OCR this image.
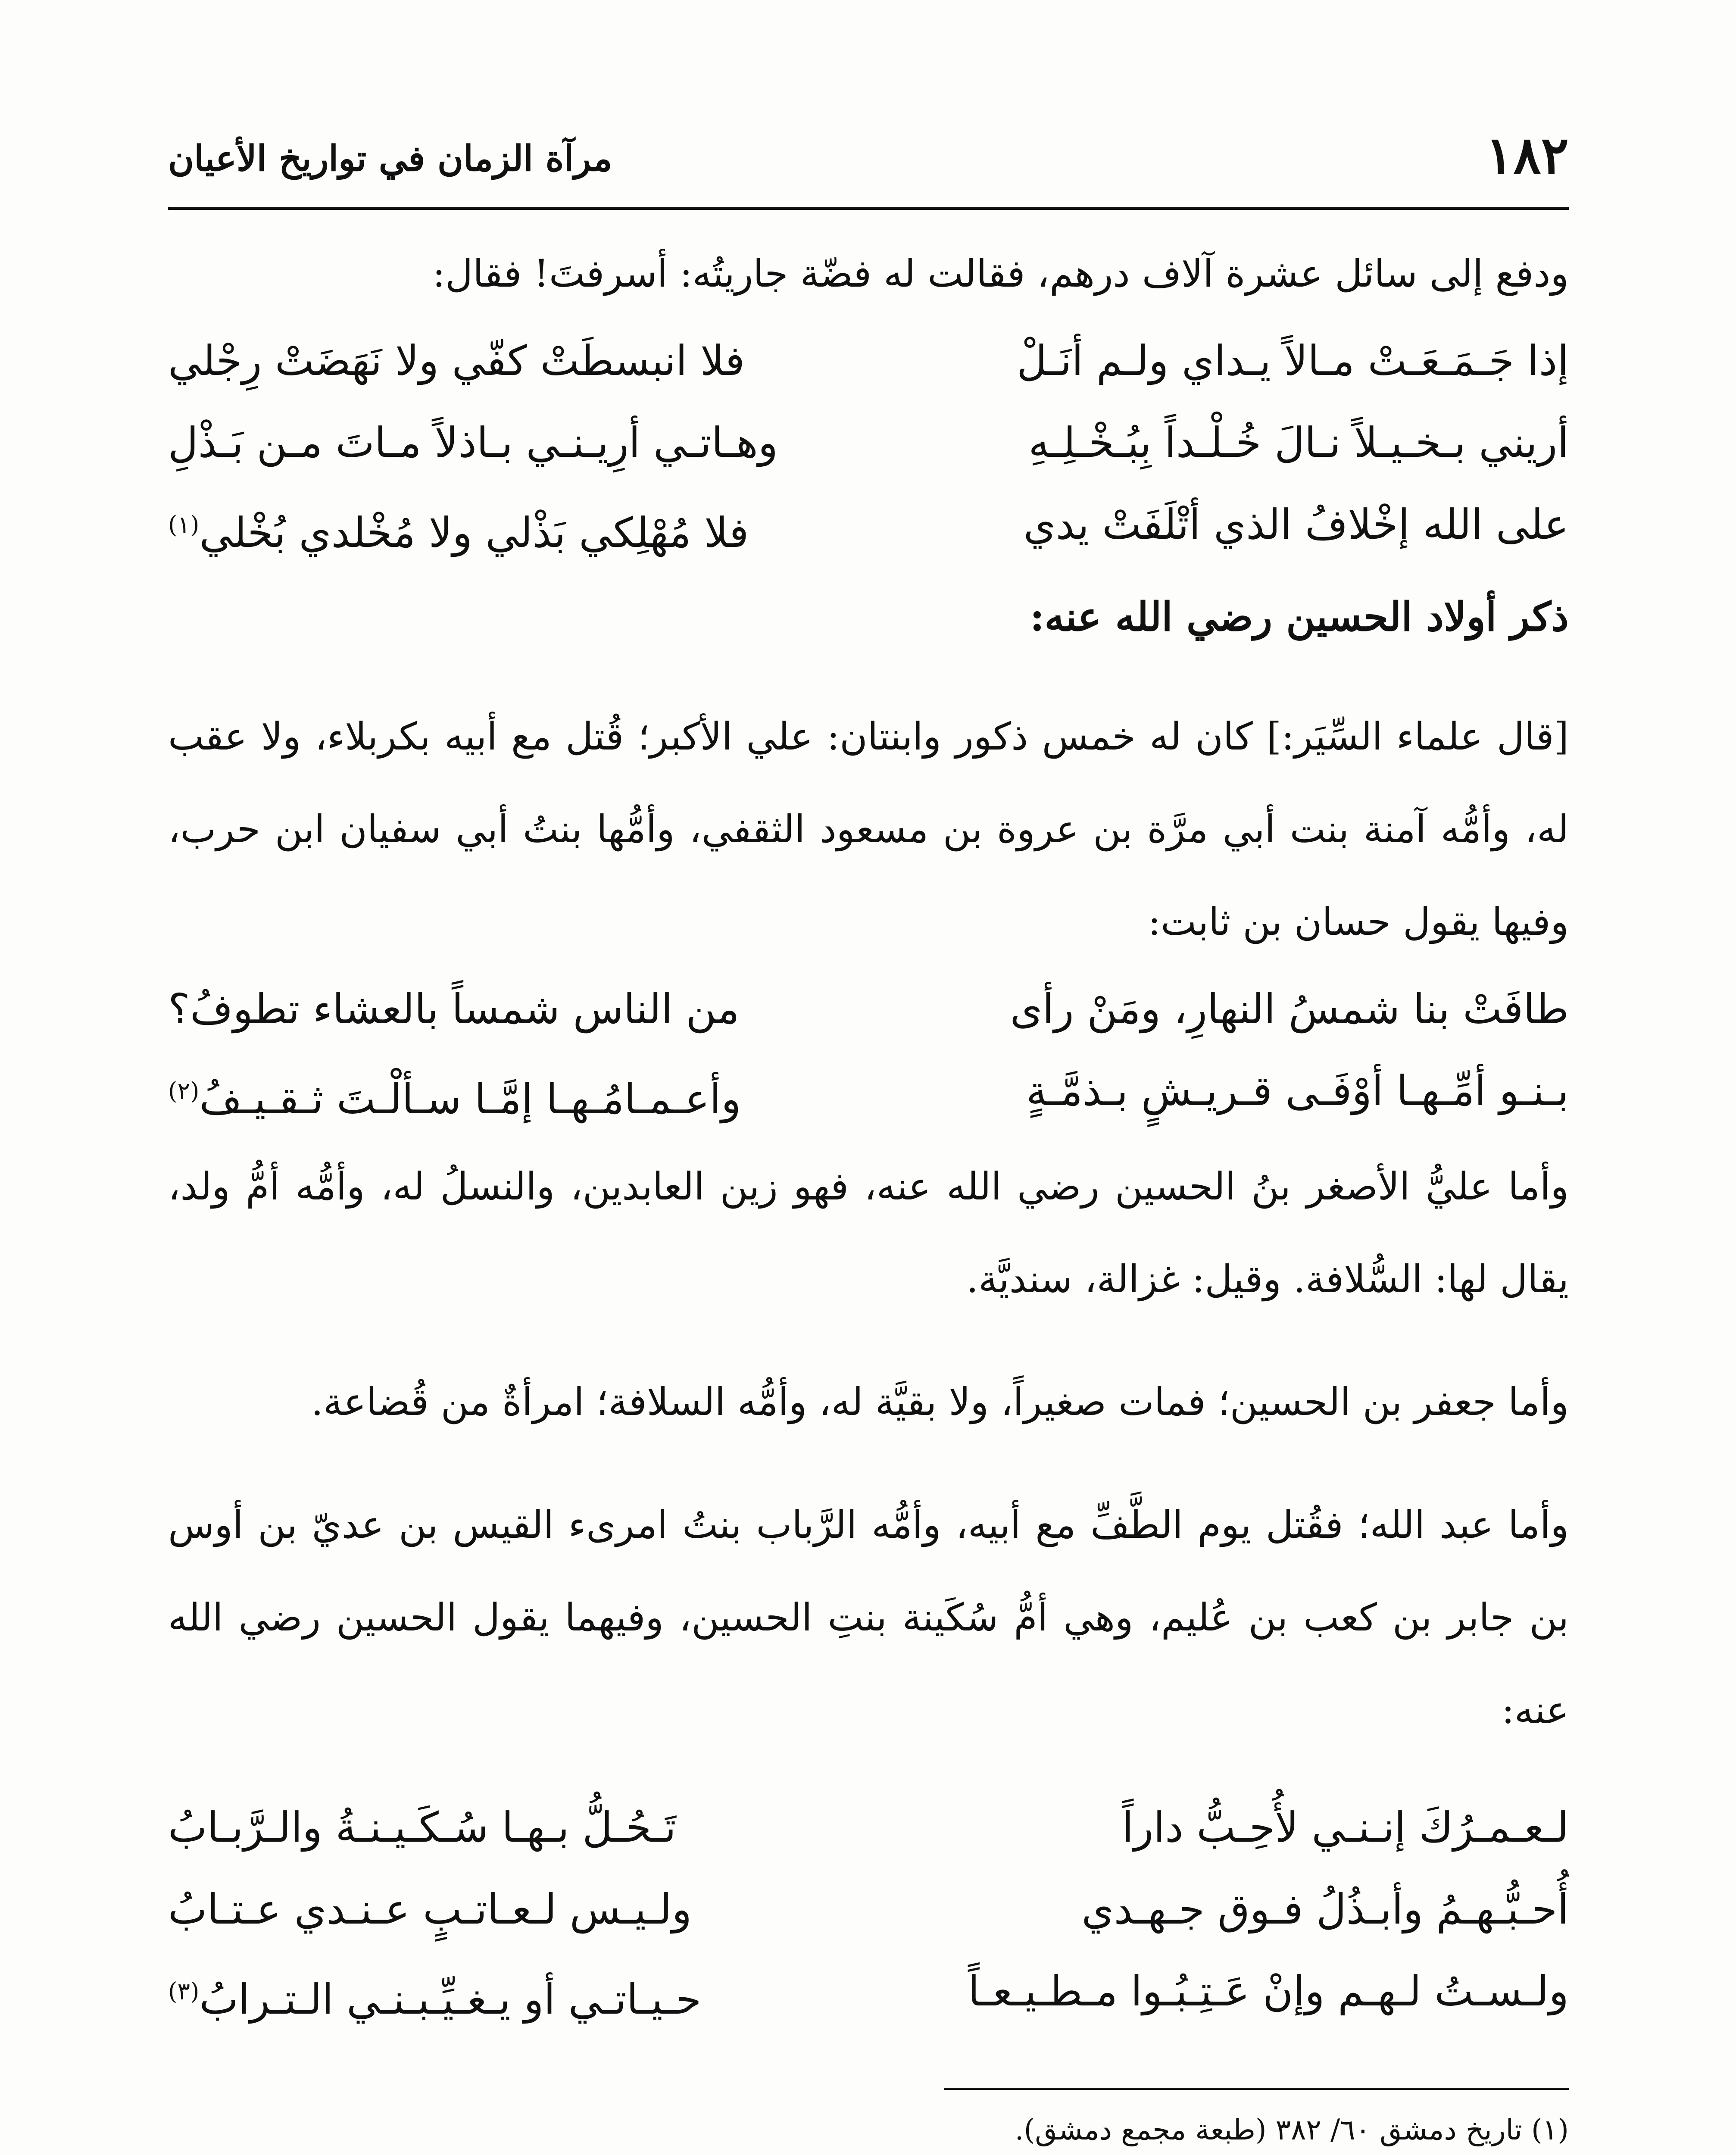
١٨٢
مرآة الزمان في تواريخ الأعيان

ودفع إلى سائل عشرة آلاف درهم، فقالت له فضّة جاريتُه: أسرفتَ! فقال:

إذا جَـمَـعَـتْ مـالاً يـداي ولـم أنَـلْ
فلا انبسطَتْ كفّي ولا نَهَضَتْ رِجْلي
أريني بـخـيـلاً نـالَ خُـلْـداً بِبُـخْـلِـهِ
وهـاتـي أرِيـنـي بـاذلاً مـاتَ مـن بَـذْلِ
على الله إخْلافُ الذي أتْلَفَتْ يدي
فلا مُهْلِكي بَذْلي ولا مُخْلدي بُخْلي$^{(١)}$
ذكر أولاد الحسين رضي الله عنه:

[قال علماء السِّيَر:] كان له خمس ذكور وابنتان: علي الأكبر؛ قُتل مع أبيه بكربلاء، ولا عقب له، وأمُّه آمنة بنت أبي مرَّة بن عروة بن مسعود الثقفي، وأمُّها بنتُ أبي سفيان ابن حرب، وفيها يقول حسان بن ثابت:

طافَتْ بنا شمسُ النهارِ، ومَنْ رأى
من الناس شمساً بالعشاء تطوفُ؟
بـنـو أمِّـهـا أوْفَـى قـريـشٍ بـذمَّـةٍ
وأعـمـامُـهـا إمَّـا سـألْـتَ ثـقـيـفُ$^{(٢)}$

وأما عليُّ الأصغر بنُ الحسين رضي الله عنه، فهو زين العابدين، والنسلُ له، وأمُّه أمُّ ولد، يقال لها: السُّلافة. وقيل: غزالة، سنديَّة.

وأما جعفر بن الحسين؛ فمات صغيراً، ولا بقيَّة له، وأمُّه السلافة؛ امرأةٌ من قُضاعة.

وأما عبد الله؛ فقُتل يوم الطَّفِّ مع أبيه، وأمُّه الرَّباب بنتُ امرىء القيس بن عديّ بن أوس بن جابر بن كعب بن عُليم، وهي أمُّ سُكَينة بنتِ الحسين، وفيهما يقول الحسين رضي الله عنه:

لـعـمـرُكَ إنـنـي لأُحِـبُّ داراً
تَـحُـلُّ بـهـا سُـكَـيـنـةُ والـرَّبـابُ
أُحـبُّـهـمُ وأبـذُلُ فـوق جـهـدي
ولـيـس لـعـاتـبٍ عـنـدي عـتـابُ
ولـسـتُ لـهـم وإنْ عَـتِـبُـوا مـطـيـعـاً
حـيـاتـي أو يـغـيِّـبـنـي الـتـرابُ$^{(٣)}$
(١) تاريخ دمشق ٦٠/ ٣٨٢ (طبعة مجمع دمشق).
